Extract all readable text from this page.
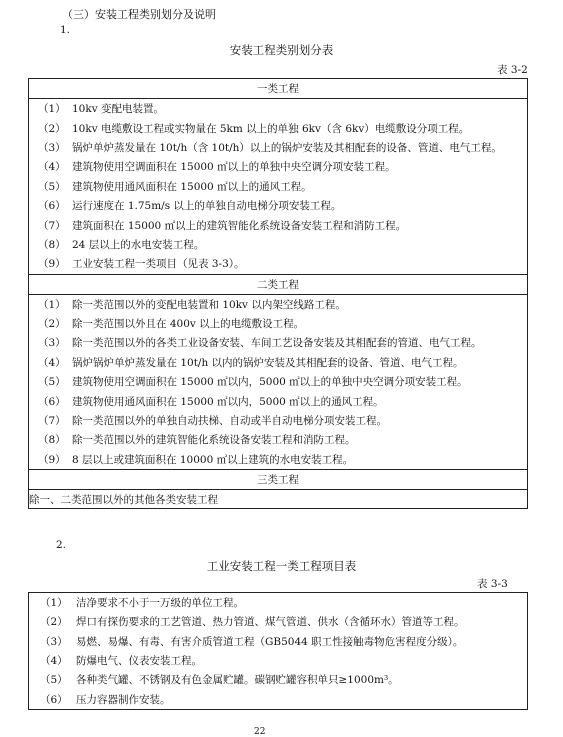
（三）安装工程类别划分及说明
1.
安装工程类别划分表
表 3-2
一类工程	
（1）	10kv 变配电装置。
（2）	10kv 电缆敷设工程或实物量在 5km 以上的单独 6kv（含 6kv）电缆敷设分项工程。
（3）	锅炉单炉蒸发量在 10t/h（含 10t/h）以上的锅炉安装及其相配套的设备、管道、电气工程。
（4）	建筑物使用空调面积在 15000 ㎡以上的单独中央空调分项安装工程。
（5）	建筑物使用通风面积在 15000 ㎡以上的通风工程。
（6）	运行速度在 1.75m/s 以上的单独自动电梯分项安装工程。
（7）	建筑面积在 15000 ㎡以上的建筑智能化系统设备安装工程和消防工程。
（8）	24 层以上的水电安装工程。
（9）	工业安装工程一类项目（见表 3-3）。
二类工程	
（1）	除一类范围以外的变配电装置和 10kv 以内架空线路工程。
（2）	除一类范围以外且在 400v 以上的电缆敷设工程。
（3）	除一类范围以外的各类工业设备安装、车间工艺设备安装及其相配套的管道、电气工程。
（4）	锅炉锅炉单炉蒸发量在 10t/h 以内的锅炉安装及其相配套的设备、管道、电气工程。
（5）	建筑物使用空调面积在 15000 ㎡以内，5000 ㎡以上的单独中央空调分项安装工程。
（6）	建筑物使用通风面积在 15000 ㎡以内，5000 ㎡以上的通风工程。
（7）	除一类范围以外的单独自动扶梯、自动或半自动电梯分项安装工程。
（8）	除一类范围以外的建筑智能化系统设备安装工程和消防工程。
（9）	8 层以上或建筑面积在 10000 ㎡以上建筑的水电安装工程。
三类工程	
除一、二类范围以外的其他各类安装工程	
2.
工业安装工程一类工程项目表
表 3-3
（1）	洁净要求不小于一万级的单位工程。
（2）	焊口有探伤要求的工艺管道、热力管道、煤气管道、供水（含循环水）管道等工程。
（3）	易燃、易爆、有毒、有害介质管道工程（GB5044 职工性接触毒物危害程度分级）。
（4）	防爆电气、仪表安装工程。
（5）	各种类气罐、不锈钢及有色金属贮罐。碳钢贮罐容积单只$\ge 1000m^3$。
（6）	压力容器制作安装。
22
